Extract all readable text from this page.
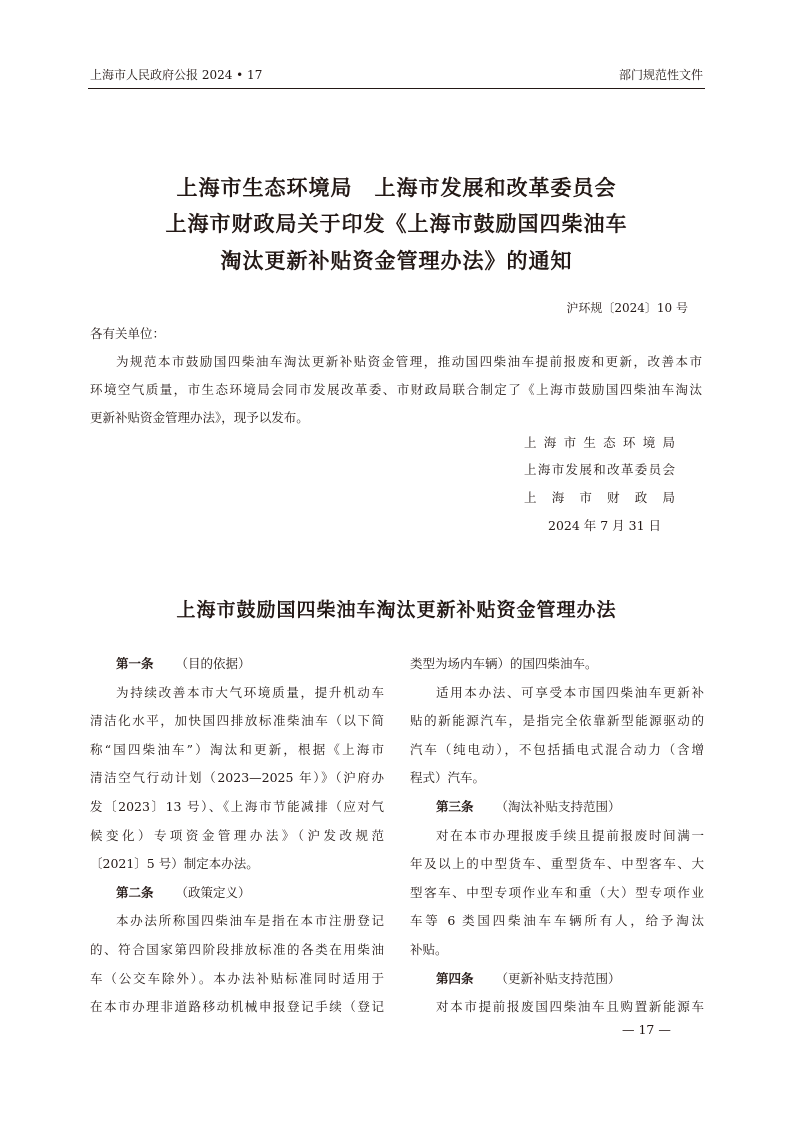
上海市人民政府公报 2024 • 17	部门规范性文件
上海市生态环境局　上海市发展和改革委员会
上海市财政局关于印发《上海市鼓励国四柴油车
淘汰更新补贴资金管理办法》的通知
沪环规〔2024〕10 号
各有关单位：
为规范本市鼓励国四柴油车淘汰更新补贴资金管理，推动国四柴油车提前报废和更新，改善本市
环境空气质量，市生态环境局会同市发展改革委、市财政局联合制定了《上海市鼓励国四柴油车淘汰
更新补贴资金管理办法》，现予以发布。
上海市生态环境局
上海市发展和改革委员会
上海市财政局
2024 年 7 月 31 日
上海市鼓励国四柴油车淘汰更新补贴资金管理办法
第一条 （目的依据）
为持续改善本市大气环境质量，提升机动车
清洁化水平，加快国四排放标准柴油车（以下简
称“国四柴油车”）淘汰和更新，根据《上海市
清洁空气行动计划（2023—2025 年）》（沪府办
发〔2023〕13 号）、《上海市节能减排（应对气
候变化）专项资金管理办法》（沪发改规范
〔2021〕5 号）制定本办法。
第二条 （政策定义）
本办法所称国四柴油车是指在本市注册登记
的、符合国家第四阶段排放标准的各类在用柴油
车（公交车除外）。本办法补贴标准同时适用于
在本市办理非道路移动机械申报登记手续（登记
类型为场内车辆）的国四柴油车。
适用本办法、可享受本市国四柴油车更新补
贴的新能源汽车，是指完全依靠新型能源驱动的
汽车（纯电动），不包括插电式混合动力（含增
程式）汽车。
第三条 （淘汰补贴支持范围）
对在本市办理报废手续且提前报废时间满一
年及以上的中型货车、重型货车、中型客车、大
型客车、中型专项作业车和重（大）型专项作业
车等 6 类国四柴油车车辆所有人，给予淘汰
补贴。
第四条 （更新补贴支持范围）
对本市提前报废国四柴油车且购置新能源车
— 17 —
